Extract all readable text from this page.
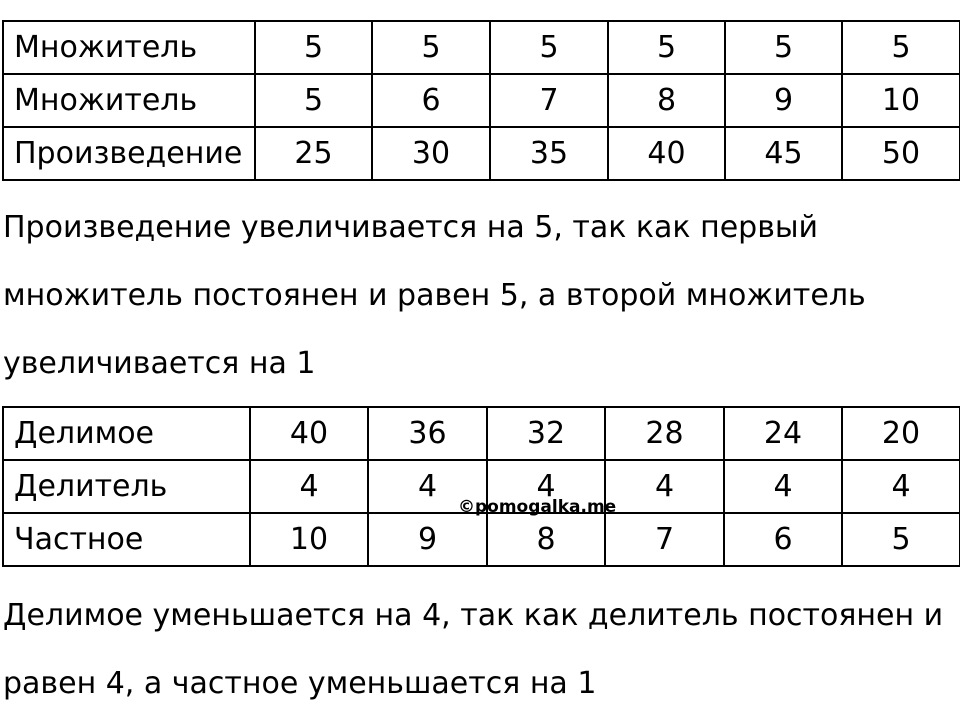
Множитель	5	5	5	5	5	5
Множитель	5	6	7	8	9	10
Произведение	25	30	35	40	45	50
Произведение увеличивается на 5, так как первый
множитель постоянен и равен 5, а второй множитель
увеличивается на 1
Делимое	40	36	32	28	24	20
Делитель	4	4	4	4	4	4
Частное	10	9	8	7	6	5
©pomogalka.me
Делимое уменьшается на 4, так как делитель постоянен и
равен 4, а частное уменьшается на 1
